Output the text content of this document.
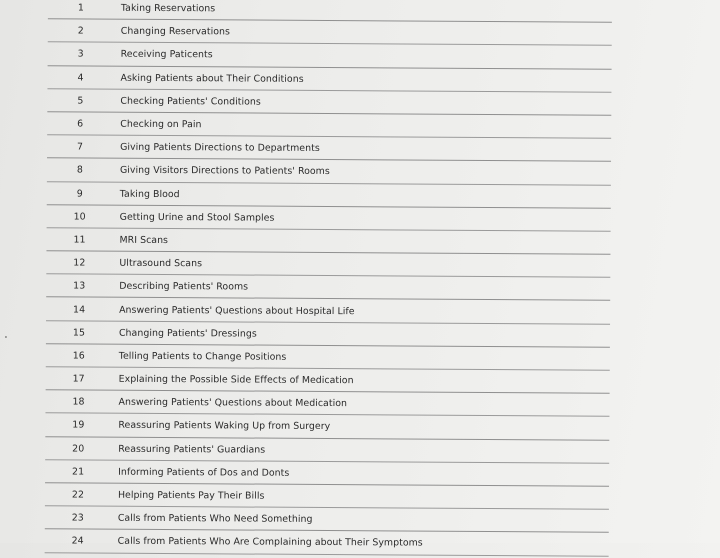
1	Taking Reservations
2	Changing Reservations
3	Receiving Paticents
4	Asking Patients about Their Conditions
5	Checking Patients' Conditions
6	Checking on Pain
7	Giving Patients Directions to Departments
8	Giving Visitors Directions to Patients' Rooms
9	Taking Blood
10	Getting Urine and Stool Samples
11	MRI Scans
12	Ultrasound Scans
13	Describing Patients' Rooms
14	Answering Patients' Questions about Hospital Life
15	Changing Patients' Dressings
16	Telling Patients to Change Positions
17	Explaining the Possible Side Effects of Medication
18	Answering Patients' Questions about Medication
19	Reassuring Patients Waking Up from Surgery
20	Reassuring Patients' Guardians
21	Informing Patients of Dos and Donts
22	Helping Patients Pay Their Bills
23	Calls from Patients Who Need Something
24	Calls from Patients Who Are Complaining about Their Symptoms
